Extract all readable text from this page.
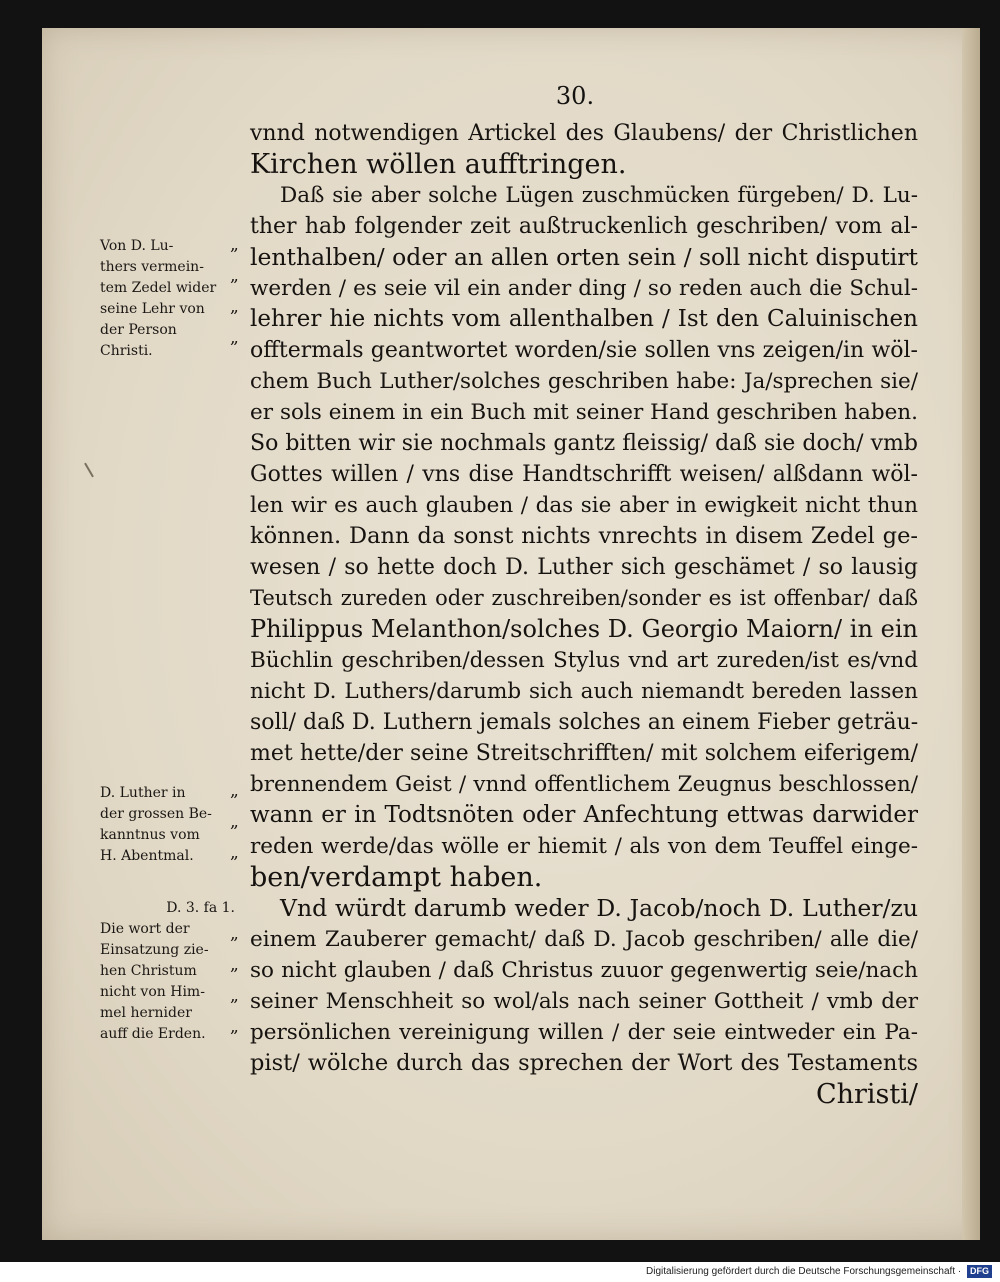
30.
vnnd notwendigen Artickel des Glaubens/ der Christlichen
Kirchen wöllen aufftringen.
Daß sie aber solche Lügen zuschmücken fürgeben/ D. Lu-
ther hab folgender zeit außtruckenlich geschriben/ vom al-
lenthalben/ oder an allen orten sein / soll nicht disputirt
werden / es seie vil ein ander ding / so reden auch die Schul-
lehrer hie nichts vom allenthalben / Ist den Caluinischen
offtermals geantwortet worden/sie sollen vns zeigen/in wöl-
chem Buch Luther/solches geschriben habe: Ja/sprechen sie/
er sols einem in ein Buch mit seiner Hand geschriben haben.
So bitten wir sie nochmals gantz fleissig/ daß sie doch/ vmb
Gottes willen / vns dise Handtschrifft weisen/ alßdann wöl-
len wir es auch glauben / das sie aber in ewigkeit nicht thun
können. Dann da sonst nichts vnrechts in disem Zedel ge-
wesen / so hette doch D. Luther sich geschämet / so lausig
Teutsch zureden oder zuschreiben/sonder es ist offenbar/ daß
Philippus Melanthon/solches D. Georgio Maiorn/ in ein
Büchlin geschriben/dessen Stylus vnd art zureden/ist es/vnd
nicht D. Luthers/darumb sich auch niemandt bereden lassen
soll/ daß D. Luthern jemals solches an einem Fieber geträu-
met hette/der seine Streitschrifften/ mit solchem eiferigem/
brennendem Geist / vnnd offentlichem Zeugnus beschlossen/
wann er in Todtsnöten oder Anfechtung ettwas darwider
reden werde/das wölle er hiemit / als von dem Teuffel einge-
ben/verdampt haben.
Vnd würdt darumb weder D. Jacob/noch D. Luther/zu
einem Zauberer gemacht/ daß D. Jacob geschriben/ alle die/
so nicht glauben / daß Christus zuuor gegenwertig seie/nach
seiner Menschheit so wol/als nach seiner Gottheit / vmb der
persönlichen vereinigung willen / der seie eintweder ein Pa-
pist/ wölche durch das sprechen der Wort des Testaments
Christi/
Von D. Lu-
thers vermein-
tem Zedel wider
seine Lehr von
der Person
Christi.
D. Luther in
der grossen Be-
kanntnus vom
H. Abentmal.
D. 3. fa 1.
Die wort der
Einsatzung zie-
hen Christum
nicht von Him-
mel hernider
auff die Erden.
„
„
„
„
„
„
„
„
„
„
„
Digitalisierung gefördert durch die Deutsche Forschungsgemeinschaft · DFG
